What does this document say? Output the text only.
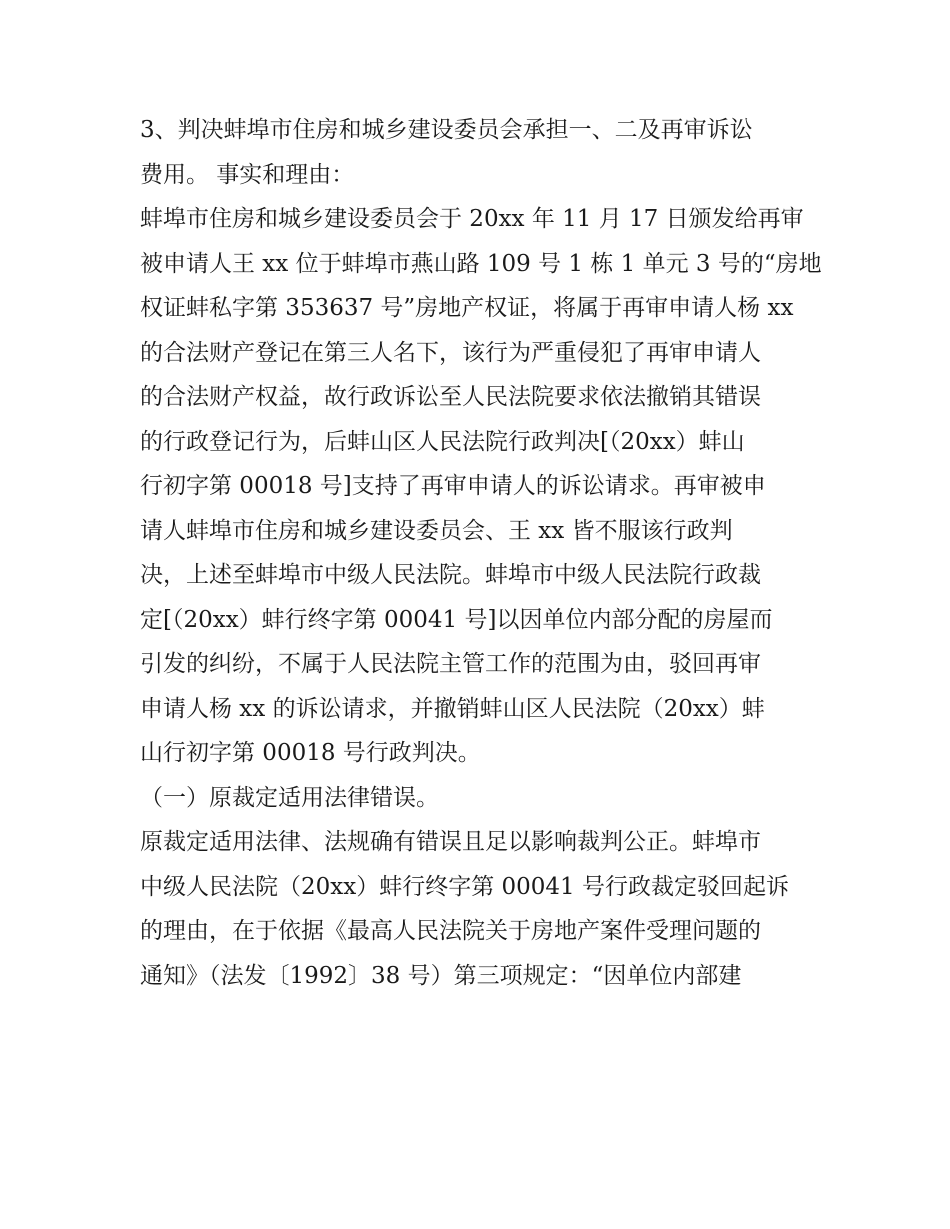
3、判决蚌埠市住房和城乡建设委员会承担一、二及再审诉讼
费用。 事实和理由：
蚌埠市住房和城乡建设委员会于 20xx 年 11 月 17 日颁发给再审
被申请人王 xx 位于蚌埠市燕山路 109 号 1 栋 1 单元 3 号的“房地
权证蚌私字第 353637 号”房地产权证，将属于再审申请人杨 xx
的合法财产登记在第三人名下，该行为严重侵犯了再审申请人
的合法财产权益，故行政诉讼至人民法院要求依法撤销其错误
的行政登记行为，后蚌山区人民法院行政判决[（20xx）蚌山
行初字第 00018 号]支持了再审申请人的诉讼请求。再审被申
请人蚌埠市住房和城乡建设委员会、王 xx 皆不服该行政判
决，上述至蚌埠市中级人民法院。蚌埠市中级人民法院行政裁
定[（20xx）蚌行终字第 00041 号]以因单位内部分配的房屋而
引发的纠纷，不属于人民法院主管工作的范围为由，驳回再审
申请人杨 xx 的诉讼请求，并撤销蚌山区人民法院（20xx）蚌
山行初字第 00018 号行政判决。
（一）原裁定适用法律错误。
原裁定适用法律、法规确有错误且足以影响裁判公正。蚌埠市
中级人民法院（20xx）蚌行终字第 00041 号行政裁定驳回起诉
的理由，在于依据《最高人民法院关于房地产案件受理问题的
通知》（法发〔1992〕38 号）第三项规定：“因单位内部建
